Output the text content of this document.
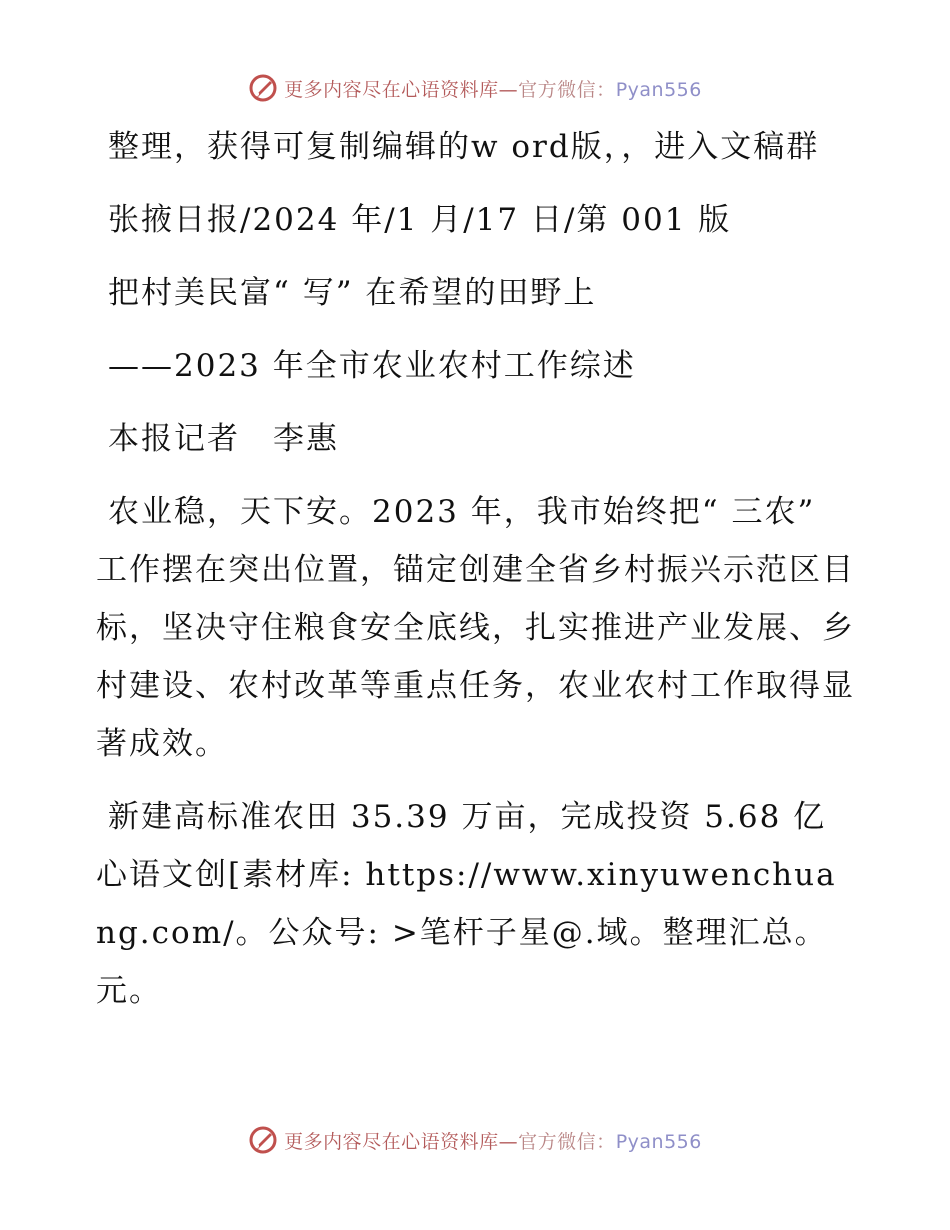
更多内容尽在心语资料库—官方微信：Pyan556

整理，获得可复制编辑的w ord版，，进入文稿群

张掖日报/2024 年/1 月/17 日/第 001 版

把村美民富“ 写” 在希望的田野上

——2023 年全市农业农村工作综述

本报记者　李惠

农业稳，天下安。2023 年，我市始终把“ 三农” 工作摆在突出位置，锚定创建全省乡村振兴示范区目标，坚决守住粮食安全底线，扎实推进产业发展、乡村建设、农村改革等重点任务，农业农村工作取得显著成效。

新建高标准农田 35.39 万亩，完成投资 5.68 亿心语文创[素材库: https://www.xinyuwenchuang.com/。公众号: >笔杆子星@.域。整理汇总。元。

更多内容尽在心语资料库—官方微信：Pyan556
